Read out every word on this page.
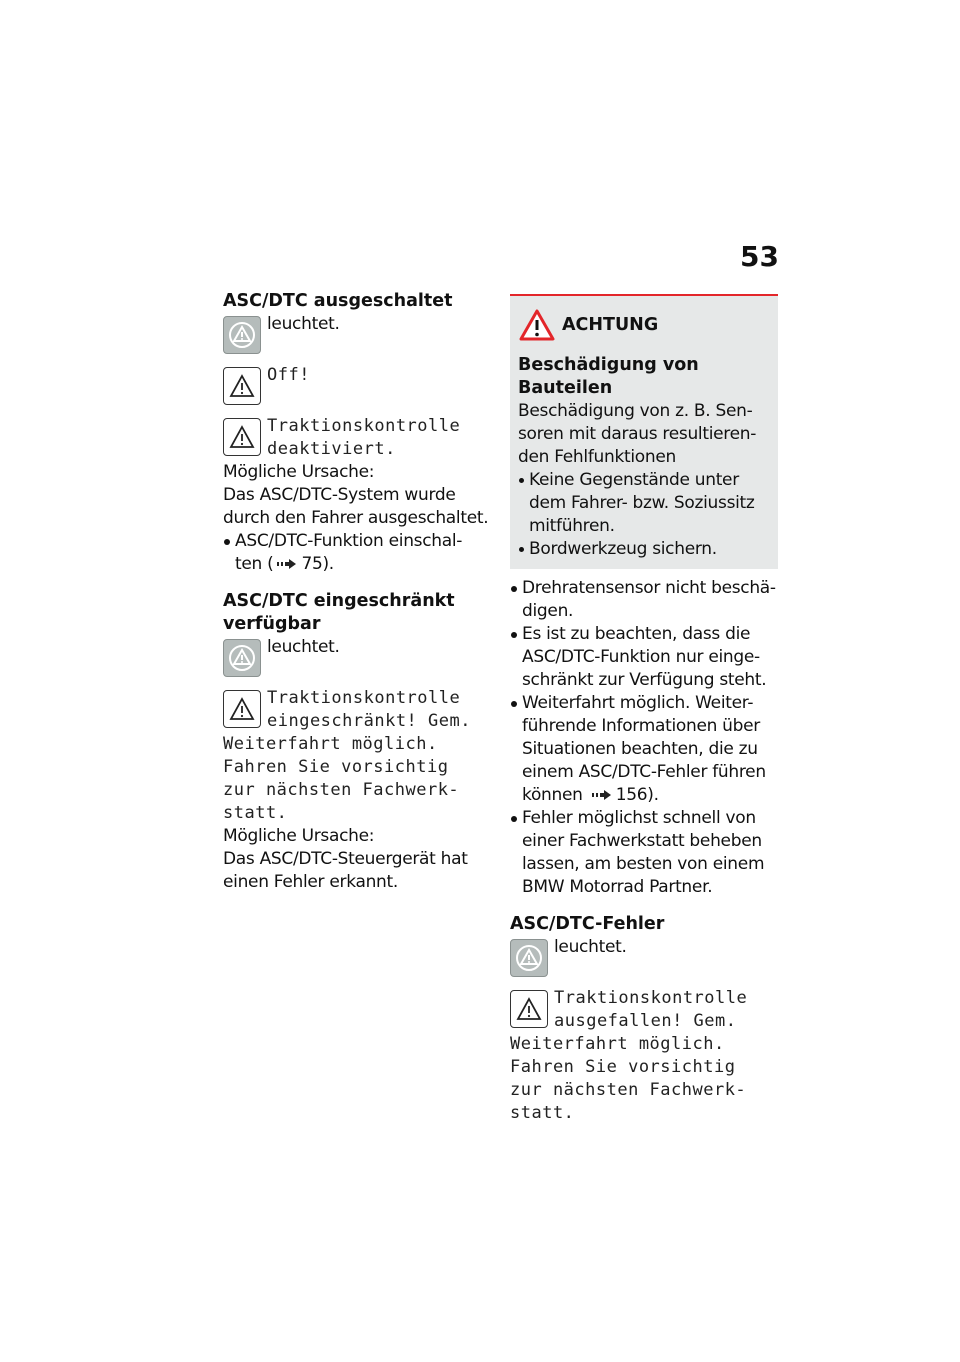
53
ASC/DTC ausgeschaltet
leuchtet.
Off!
Traktionskontrolle
deaktiviert.
Mögliche Ursache:
Das ASC/DTC-System wurde durch den Fahrer ausgeschaltet.
ASC/DTC-Funktion einschal-
ten ( 75).
ASC/DTC eingeschränkt verfügbar
leuchtet.
Traktionskontrolle
eingeschränkt! Gem.
Weiterfahrt möglich.
Fahren Sie vorsichtig
zur nächsten Fachwerk-
statt.
Mögliche Ursache:
Das ASC/DTC-Steuergerät hat einen Fehler erkannt.
ACHTUNG
Beschädigung von Bauteilen
Beschädigung von z. B. Sen- soren mit daraus resultieren- den Fehlfunktionen
Keine Gegenstände unter dem Fahrer- bzw. Soziussitz mitführen.
Bordwerkzeug sichern.
Drehratensensor nicht beschä- digen.
Es ist zu beachten, dass die ASC/DTC-Funktion nur einge- schränkt zur Verfügung steht.
Weiterfahrt möglich. Weiter- führende Informationen über Situationen beachten, die zu einem ASC/DTC-Fehler führen können 156).
Fehler möglichst schnell von einer Fachwerkstatt beheben lassen, am besten von einem BMW Motorrad Partner.
ASC/DTC-Fehler
leuchtet.
Traktionskontrolle
ausgefallen! Gem.
Weiterfahrt möglich.
Fahren Sie vorsichtig
zur nächsten Fachwerk-
statt.
